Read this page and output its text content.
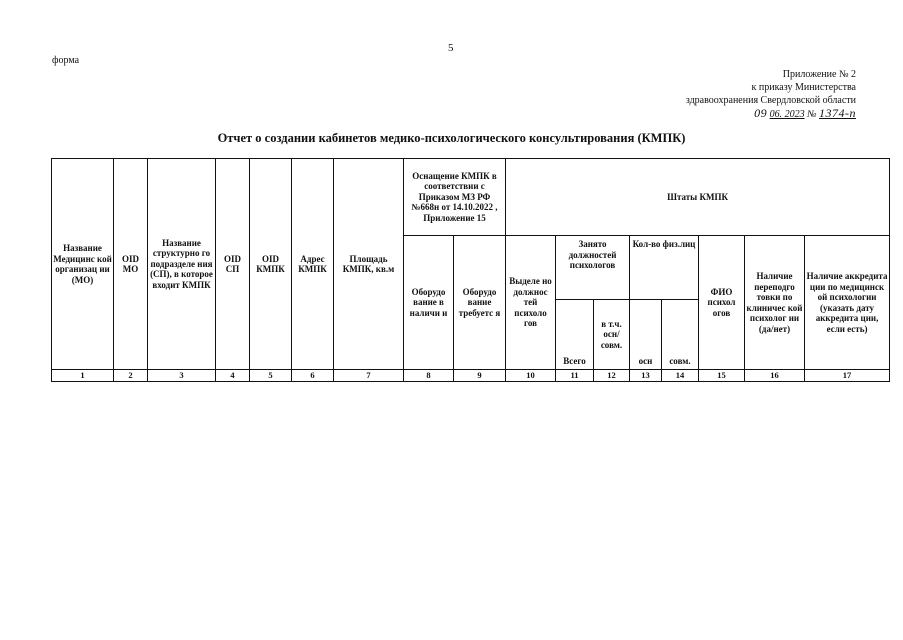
5
форма
Приложение № 2
к приказу Министерства
здравоохранения Свердловской области
09 06. 2023 № 1374-п
Отчет о создании кабинетов медико-психологического консультирования (КМПК)
Название Медицинс кой организац ии (МО)	OID МО	Название структурно го подразделе ния (СП), в которое входит КМПК	OID СП	OID КМПК	Адрес КМПК	Площадь КМПК, кв.м	Оснащение КМПК в соответствии с Приказом МЗ РФ №668н от 14.10.2022 , Приложение 15		Штаты КМПК							
							Оборудо вание в наличи и	Оборудо вание требуетс я	Выделе но должнос тей психоло гов	Занято должностей психологов		Кол-во физ.лиц		ФИО психол огов	Наличие переподго товки по клиничес кой психолог ии (да/нет)	Наличие аккредита ции по медицинск ой психологии (указать дату аккредита ции, если есть)
										Всего	в т.ч. осн/ совм.	осн	совм.			
1	2	3	4	5	6	7	8	9	10	11	12	13	14	15	16	17
